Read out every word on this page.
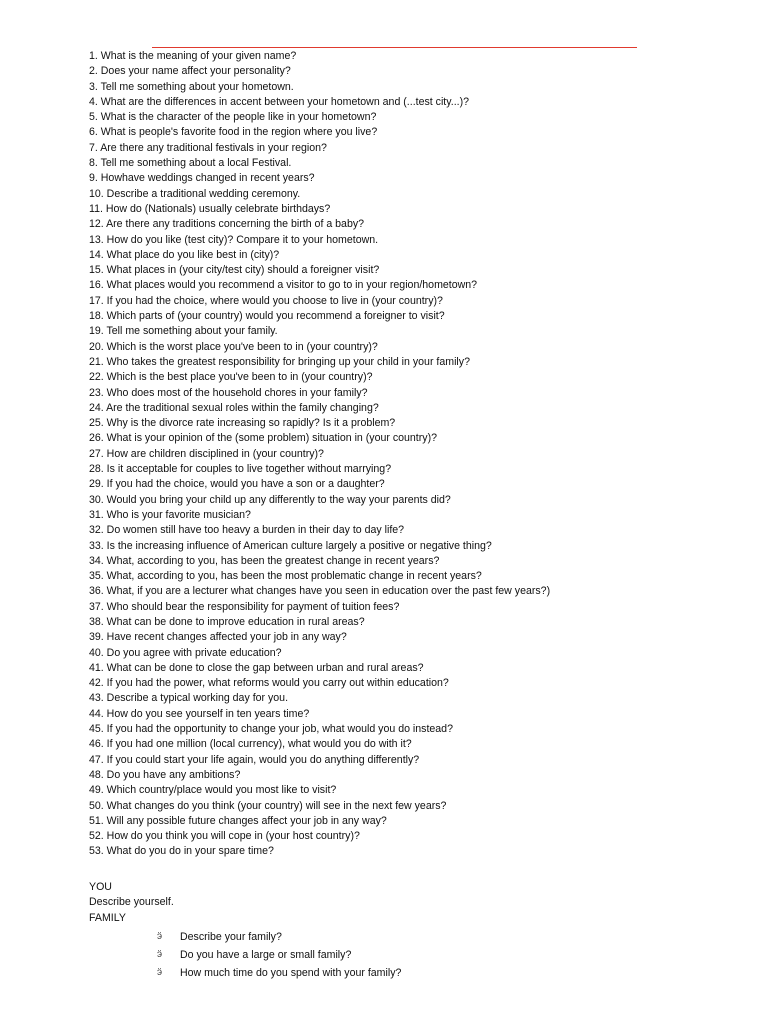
1. What is the meaning of your given name?
2. Does your name affect your personality?
3. Tell me something about your hometown.
4. What are the differences in accent between your hometown and (...test city...)?
5. What is the character of the people like in your hometown?
6. What is people's favorite food in the region where you live?
7. Are there any traditional festivals in your region?
8. Tell me something about a local Festival.
9. Howhave weddings changed in recent years?
10. Describe a traditional wedding ceremony.
11. How do (Nationals) usually celebrate birthdays?
12. Are there any traditions concerning the birth of a baby?
13. How do you like (test city)? Compare it to your hometown.
14. What place do you like best in (city)?
15. What places in (your city/test city) should a foreigner visit?
16. What places would you recommend a visitor to go to in your region/hometown?
17. If you had the choice, where would you choose to live in (your country)?
18. Which parts of (your country) would you recommend a foreigner to visit?
19. Tell me something about your family.
20. Which is the worst place you've been to in (your country)?
21. Who takes the greatest responsibility for bringing up your child in your family?
22. Which is the best place you've been to in (your country)?
23. Who does most of the household chores in your family?
24. Are the traditional sexual roles within the family changing?
25. Why is the divorce rate increasing so rapidly? Is it a problem?
26. What is your opinion of the (some problem) situation in (your country)?
27. How are children disciplined in (your country)?
28. Is it acceptable for couples to live together without marrying?
29. If you had the choice, would you have a son or a daughter?
30. Would you bring your child up any differently to the way your parents did?
31. Who is your favorite musician?
32. Do women still have too heavy a burden in their day to day life?
33. Is the increasing influence of American culture largely a positive or negative thing?
34. What, according to you, has been the greatest change in recent years?
35. What, according to you, has been the most problematic change in recent years?
36. What, if you are a lecturer what changes have you seen in education over the past few years?)
37. Who should bear the responsibility for payment of tuition fees?
38. What can be done to improve education in rural areas?
39. Have recent changes affected your job in any way?
40. Do you agree with private education?
41. What can be done to close the gap between urban and rural areas?
42. If you had the power, what reforms would you carry out within education?
43. Describe a typical working day for you.
44. How do you see yourself in ten years time?
45. If you had the opportunity to change your job, what would you do instead?
46. If you had one million (local currency), what would you do with it?
47. If you could start your life again, would you do anything differently?
48. Do you have any ambitions?
49. Which country/place would you most like to visit?
50. What changes do you think (your country) will see in the next few years?
51. Will any possible future changes affect your job in any way?
52. How do you think you will cope in (your host country)?
53. What do you do in your spare time?
YOU
Describe yourself.
FAMILY
ӭ	Describe your family?
ӭ	Do you have a large or small family?
ӭ	How much time do you spend with your family?
